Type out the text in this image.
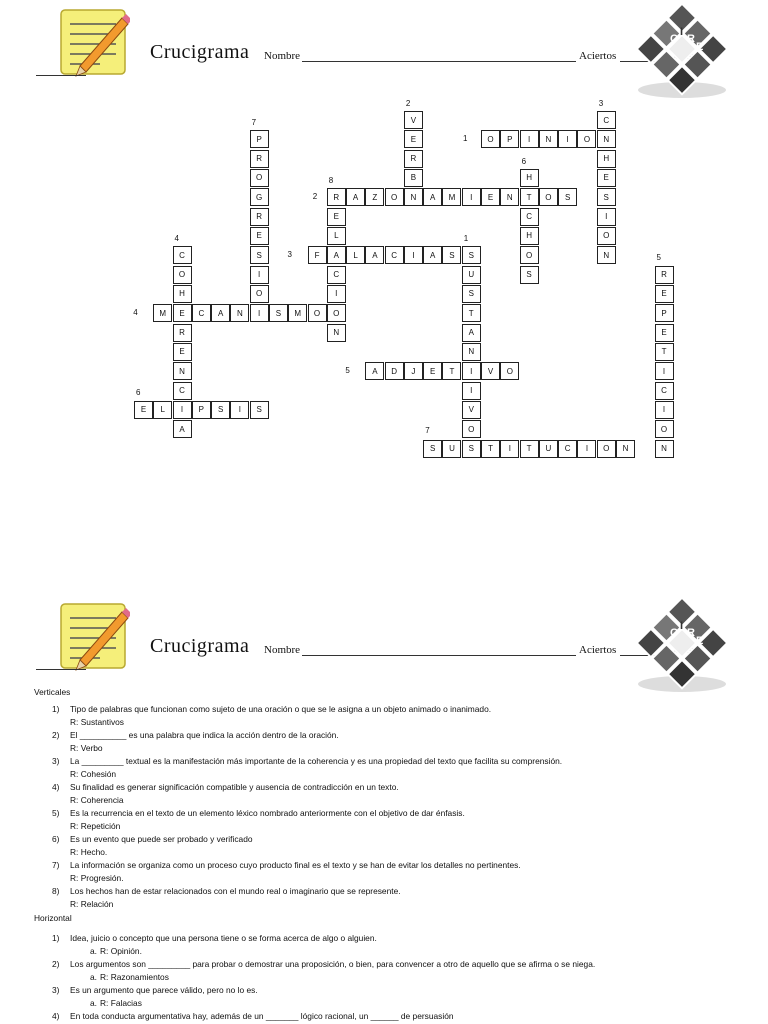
Crucigrama Nombre	Aciertos
C
I
R
E
O	P	I	N	I	O	N
1
R	A	Z	O	N	A	M	I	E	N	T	O	S
2
F	A	L	A	C	I	A	S
3
M	E	C	A	N	I	S	M	O
4
A	D	J	E	T	I	V	O
5
E	L	I	P	S	I	S
6
S	U	S	T	I	T	U	C	I	O	N
7
S
U
S
T
A
N
I
V
O
1
V
E
R
B
2
C
H
E
S
I
O
N
3
C
O
H
R
E
N
C
A
4
R
E
P
E
T
I
C
I
O
N
5
H
C
H
O
S
6
P
R
O
G
R
E
S
I
O
7
E
L
C
I
O
N
8
Crucigrama Nombre	Aciertos
C
I
R
E
Verticales
1) Tipo de palabras que funcionan como sujeto de una oración o que se le asigna a un objeto animado o inanimado.
R: Sustantivos
2) El __________ es una palabra que indica la acción dentro de la oración.
R: Verbo
3) La _________ textual es la manifestación más importante de la coherencia y es una propiedad del texto que facilita su comprensión.
R: Cohesión
4) Su finalidad es generar significación compatible y ausencia de contradicción en un texto.
R: Coherencia
5) Es la recurrencia en el texto de un elemento léxico nombrado anteriormente con el objetivo de dar énfasis.
R: Repetición
6) Es un evento que puede ser probado y verificado
R: Hecho.
7) La información se organiza como un proceso cuyo producto final es el texto y se han de evitar los detalles no pertinentes.
R: Progresión.
8) Los hechos han de estar relacionados con el mundo real o imaginario que se represente.
R: Relación
Horizontal
1) Idea, juicio o concepto que una persona tiene o se forma acerca de algo o alguien.
a. R: Opinión.
2) Los argumentos son _________ para probar o demostrar una proposición, o bien, para convencer a otro de aquello que se afirma o se niega.
a. R: Razonamientos
3) Es un argumento que parece válido, pero no lo es.
a. R: Falacias
4) En toda conducta argumentativa hay, además de un _______ lógico racional, un ______ de persuasión
